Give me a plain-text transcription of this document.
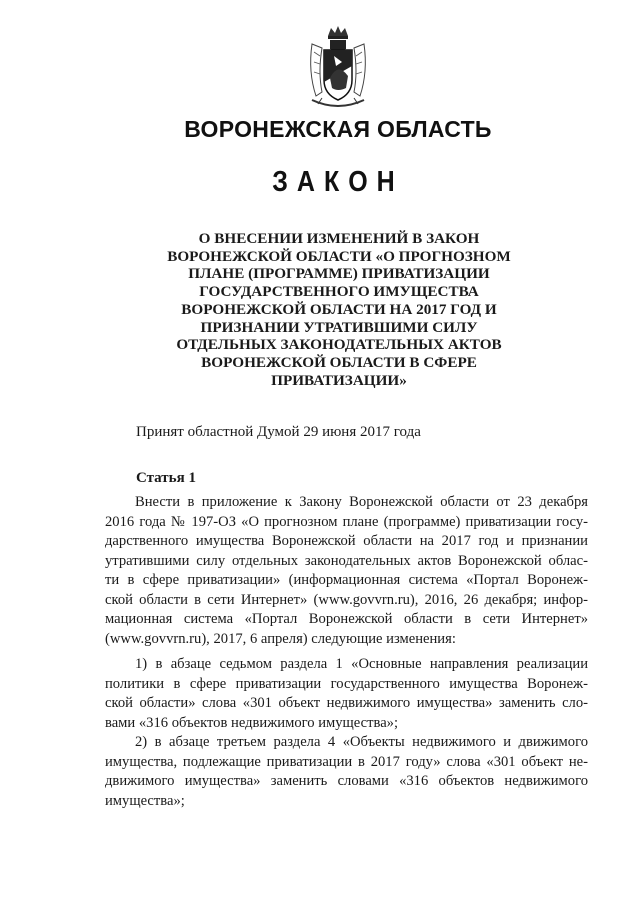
ВОРОНЕЖСКАЯ ОБЛАСТЬ
ЗАКОН
О ВНЕСЕНИИ ИЗМЕНЕНИЙ В ЗАКОН
ВОРОНЕЖСКОЙ ОБЛАСТИ «О ПРОГНОЗНОМ
ПЛАНЕ (ПРОГРАММЕ) ПРИВАТИЗАЦИИ
ГОСУДАРСТВЕННОГО ИМУЩЕСТВА
ВОРОНЕЖСКОЙ ОБЛАСТИ НА 2017 ГОД И
ПРИЗНАНИИ УТРАТИВШИМИ СИЛУ
ОТДЕЛЬНЫХ ЗАКОНОДАТЕЛЬНЫХ АКТОВ
ВОРОНЕЖСКОЙ ОБЛАСТИ В СФЕРЕ
ПРИВАТИЗАЦИИ»
Принят областной Думой 29 июня 2017 года
Статья 1
Внести в приложение к Закону Воронежской области от 23 декабря
2016 года № 197-ОЗ «О прогнозном плане (программе) приватизации госу-
дарственного имущества Воронежской области на 2017 год и признании
утратившими силу отдельных законодательных актов Воронежской облас-
ти в сфере приватизации» (информационная система «Портал Воронеж-
ской области в сети Интернет» (www.govvrn.ru), 2016, 26 декабря; инфор-
мационная система «Портал Воронежской области в сети Интернет»
(www.govvrn.ru), 2017, 6 апреля) следующие изменения:
1) в абзаце седьмом раздела 1 «Основные направления реализации
политики в сфере приватизации государственного имущества Воронеж-
ской области» слова «301 объект недвижимого имущества» заменить сло-
вами «316 объектов недвижимого имущества»;
2) в абзаце третьем раздела 4 «Объекты недвижимого и движимого
имущества, подлежащие приватизации в 2017 году» слова «301 объект не-
движимого имущества» заменить словами «316 объектов недвижимого
имущества»;
